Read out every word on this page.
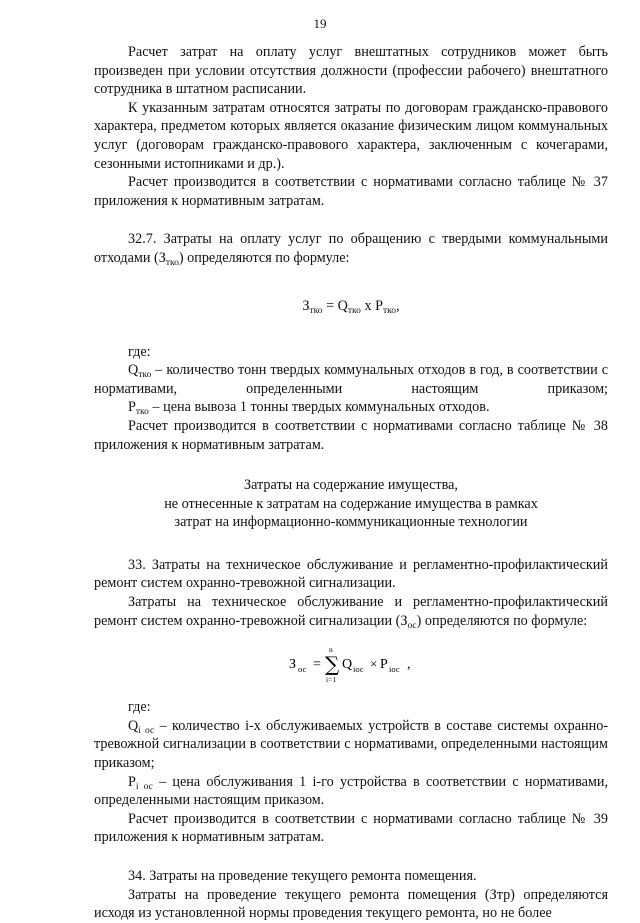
19

Расчет затрат на оплату услуг внештатных сотрудников может быть произведен при условии отсутствия должности (профессии рабочего) внештатного сотрудника в штатном расписании.

К указанным затратам относятся затраты по договорам гражданско-правового характера, предметом которых является оказание физическим лицом коммунальных услуг (договорам гражданско-правового характера, заключенным с кочегарами, сезонными истопниками и др.).

Расчет производится в соответствии с нормативами согласно таблице № 37 приложения к нормативным затратам.

32.7. Затраты на оплату услуг по обращению с твердыми коммунальными отходами $(З_{тко})$ определяются по формуле:

$З_{тко} = Q_{тко}$ х $Р_{тко}$,

где:

$Q_{тко}$ – количество тонн твердых коммунальных отходов в год, в соответствии с нормативами, определенными настоящим приказом;

$Р_{тко}$ – цена вывоза 1 тонны твердых коммунальных отходов.

Расчет производится в соответствии с нормативами согласно таблице № 38 приложения к нормативным затратам.

Затраты на содержание имущества,
не отнесенные к затратам на содержание имущества в рамках
затрат на информационно-коммуникационные технологии

33. Затраты на техническое обслуживание и регламентно-профилактический ремонт систем охранно-тревожной сигнализации.

Затраты на техническое обслуживание и регламентно-профилактический ремонт систем охранно-тревожной сигнализации $(З_{ос})$ определяются по формуле:

З ос =
n
∑
i=1
Q iос × P iос ,

где:

$Q_{i ос}$ – количество i-х обслуживаемых устройств в составе системы охранно-тревожной сигнализации в соответствии с нормативами, определенными настоящим приказом;

$P_{i ос}$ – цена обслуживания 1 i-го устройства в соответствии с нормативами, определенными настоящим приказом.

Расчет производится в соответствии с нормативами согласно таблице № 39 приложения к нормативным затратам.

34. Затраты на проведение текущего ремонта помещения.

Затраты на проведение текущего ремонта помещения (Зтр) определяются исходя из установленной нормы проведения текущего ремонта, но не более
